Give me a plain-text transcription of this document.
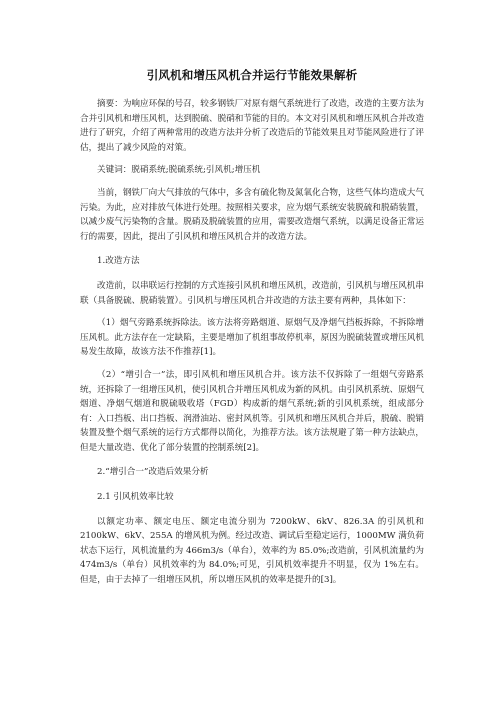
引风机和增压风机合并运行节能效果解析

摘要：为响应环保的号召，较多钢铁厂对原有烟气系统进行了改造，改造的主要方法为合并引风机和增压风机，达到脱硫、脱硝和节能的目的。本文对引风机和增压风机合并改造进行了研究，介绍了两种常用的改造方法并分析了改造后的节能效果且对节能风险进行了评估，提出了减少风险的对策。

关键词：脱硝系统;脱硫系统;引风机;增压机

当前，钢铁厂向大气排放的气体中，多含有硫化物及氮氧化合物，这些气体均造成大气污染。为此，应对排放气体进行处理。按照相关要求，应为烟气系统安装脱硫和脱硝装置，以减少废气污染物的含量。脱硝及脱硫装置的应用，需要改造烟气系统，以满足设备正常运行的需要，因此，提出了引风机和增压风机合并的改造方法。

1.改造方法

改造前，以串联运行控制的方式连接引风机和增压风机，改造前，引风机与增压风机串联（具备脱硫、脱硝装置）。引风机与增压风机合并改造的方法主要有两种，具体如下：

（1）烟气旁路系统拆除法。该方法将旁路烟道、原烟气及净烟气挡板拆除，不拆除增压风机。此方法存在一定缺陷，主要是增加了机组事故停机率，原因为脱硫装置或增压风机易发生故障，故该方法不作推荐[1]。

（2）“增引合一”法，即引风机和增压风机合并。该方法不仅拆除了一组烟气旁路系统，还拆除了一组增压风机，使引风机合并增压风机成为新的风机。由引风机系统、原烟气烟道、净烟气烟道和脱硫吸收塔（FGD）构成新的烟气系统;新的引风机系统，组成部分有：入口挡板、出口挡板、润滑油站、密封风机等。引风机和增压风机合并后，脱硫、脱销装置及整个烟气系统的运行方式都得以简化，为推荐方法。该方法规避了第一种方法缺点，但是大量改造、优化了部分装置的控制系统[2]。

2.“增引合一”改造后效果分析

2.1 引风机效率比较

以额定功率、额定电压、额定电流分别为 7200kW、6kV、826.3A 的引风机和 2100kW、6kV、255A 的增风机为例。经过改造、调试后至稳定运行，1000MW 满负荷状态下运行，风机流量约为 466m3/s（单台），效率约为 85.0%;改造前，引风机流量约为 474m3/s（单台）风机效率约为 84.0%;可见，引风机效率提升不明显，仅为 1%左右。但是，由于去掉了一组增压风机，所以增压风机的效率是提升的[3]。
